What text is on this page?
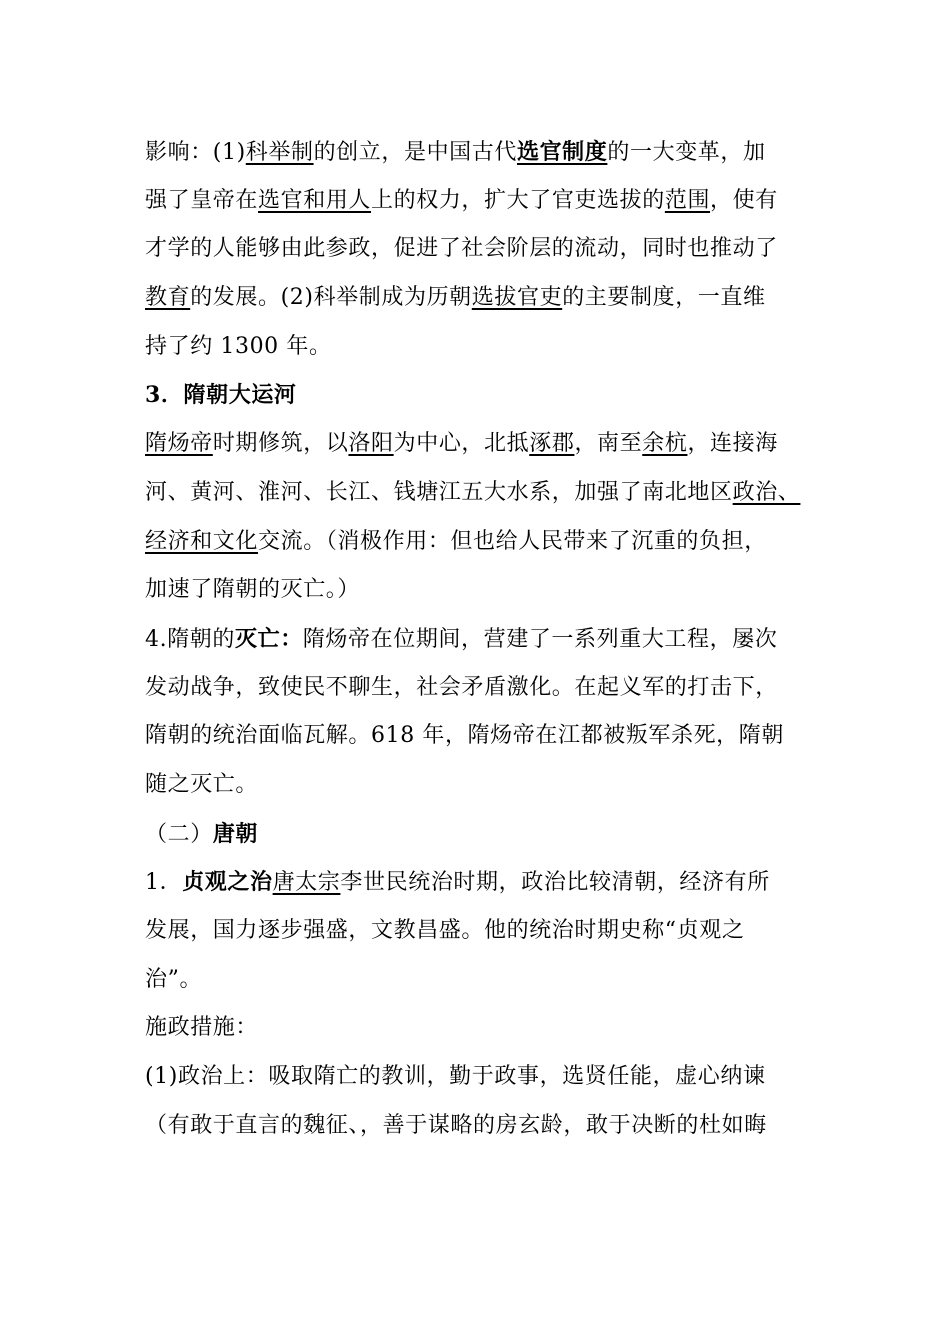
影响：(1)科举制的创立，是中国古代选官制度的一大变革，加
强了皇帝在选官和用人上的权力，扩大了官吏选拔的范围，使有
才学的人能够由此参政，促进了社会阶层的流动，同时也推动了
教育的发展。(2)科举制成为历朝选拔官吏的主要制度，一直维
持了约 1300 年。
3．隋朝大运河
隋炀帝时期修筑，以洛阳为中心，北抵涿郡，南至余杭，连接海
河、黄河、淮河、长江、钱塘江五大水系，加强了南北地区政治、
经济和文化交流。（消极作用：但也给人民带来了沉重的负担，
加速了隋朝的灭亡。）
4.隋朝的灭亡：隋炀帝在位期间，营建了一系列重大工程，屡次
发动战争，致使民不聊生，社会矛盾激化。在起义军的打击下，
隋朝的统治面临瓦解。618 年，隋炀帝在江都被叛军杀死，隋朝
随之灭亡。
（二）唐朝
1．贞观之治唐太宗李世民统治时期，政治比较清朝，经济有所
发展，国力逐步强盛，文教昌盛。他的统治时期史称“贞观之
治”。
施政措施：
(1)政治上：吸取隋亡的教训，勤于政事，选贤任能，虚心纳谏
（有敢于直言的魏征、，善于谋略的房玄龄，敢于决断的杜如晦
